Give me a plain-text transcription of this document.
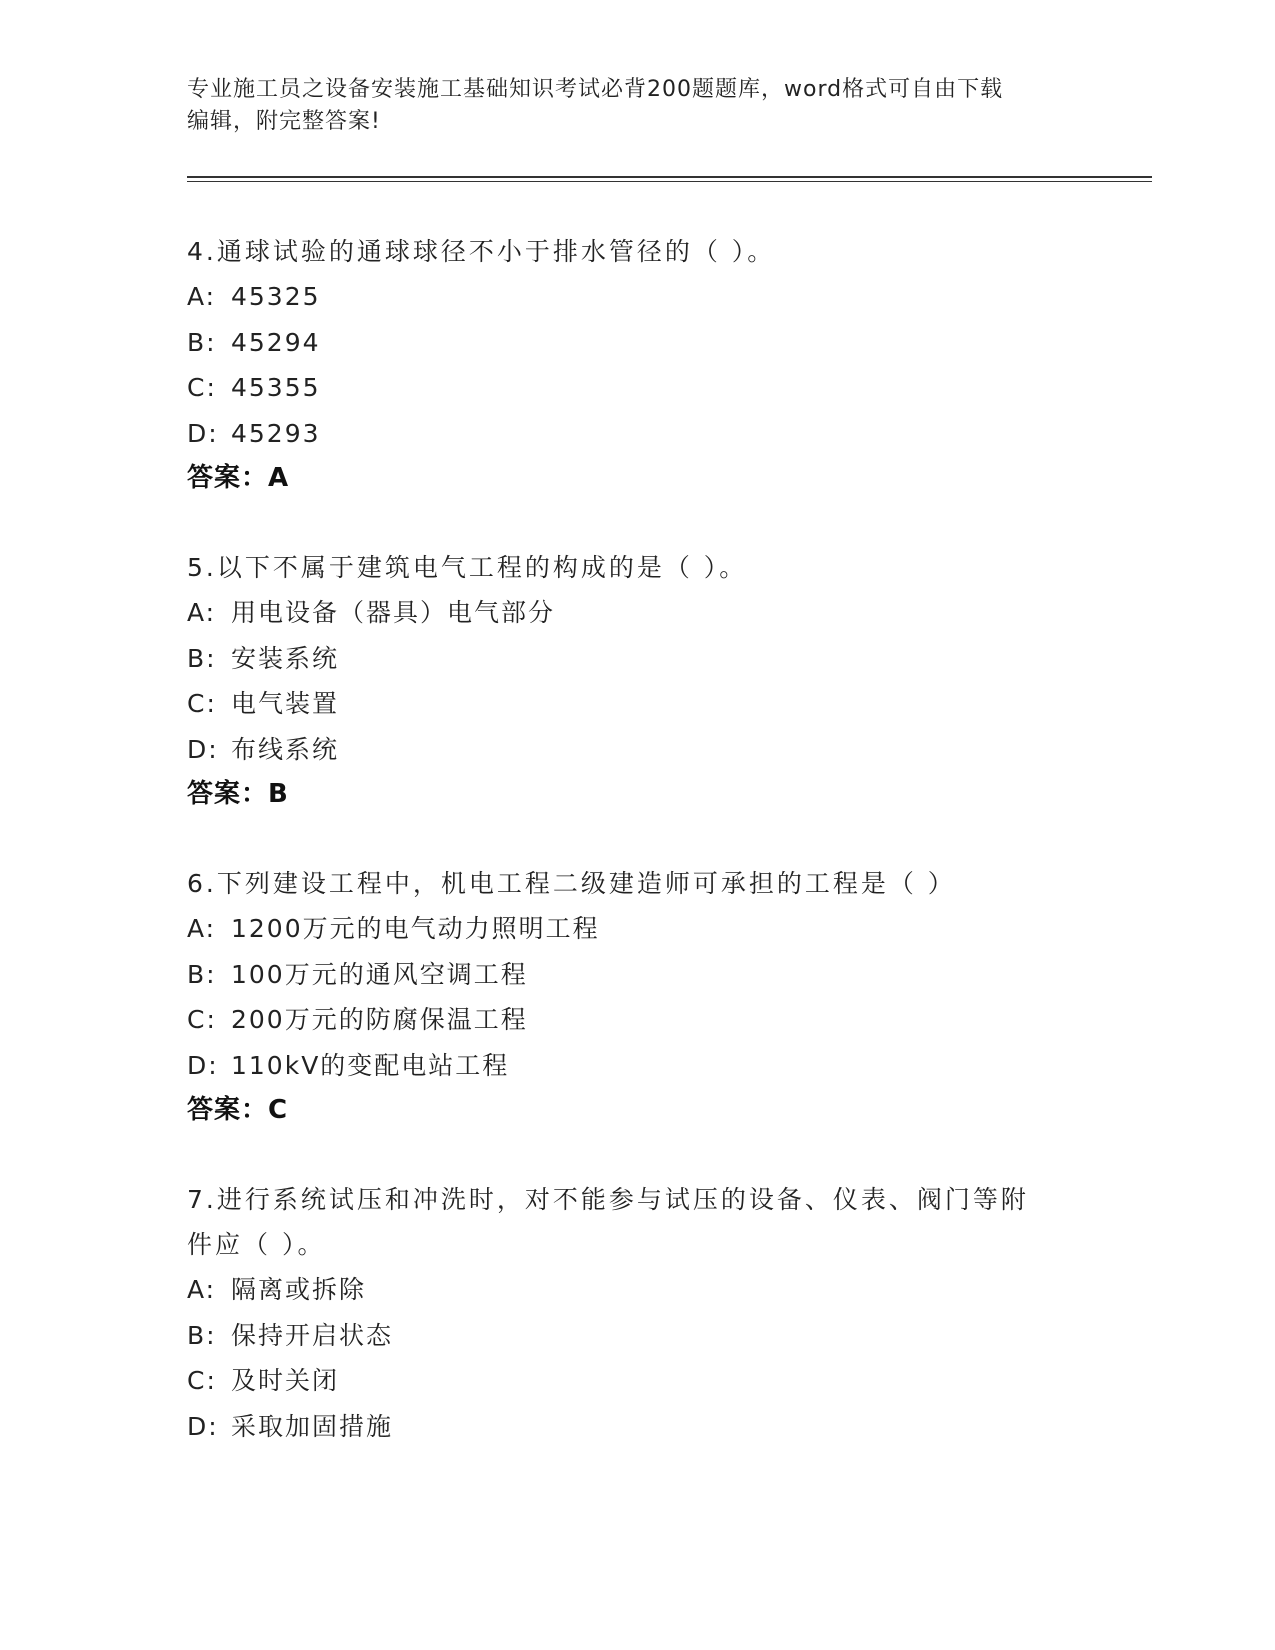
专业施工员之设备安装施工基础知识考试必背200题题库，word格式可自由下载
编辑，附完整答案!
4.通球试验的通球球径不小于排水管径的（ ）。
A: 45325
B: 45294
C: 45355
D: 45293
答案：A
5.以下不属于建筑电气工程的构成的是（ ）。
A: 用电设备（器具）电气部分
B: 安装系统
C: 电气装置
D: 布线系统
答案：B
6.下列建设工程中，机电工程二级建造师可承担的工程是（ ）
A: 1200万元的电气动力照明工程
B: 100万元的通风空调工程
C: 200万元的防腐保温工程
D: 110kV的变配电站工程
答案：C
7.进行系统试压和冲洗时，对不能参与试压的设备、仪表、阀门等附
件应（ ）。
A: 隔离或拆除
B: 保持开启状态
C: 及时关闭
D: 采取加固措施
